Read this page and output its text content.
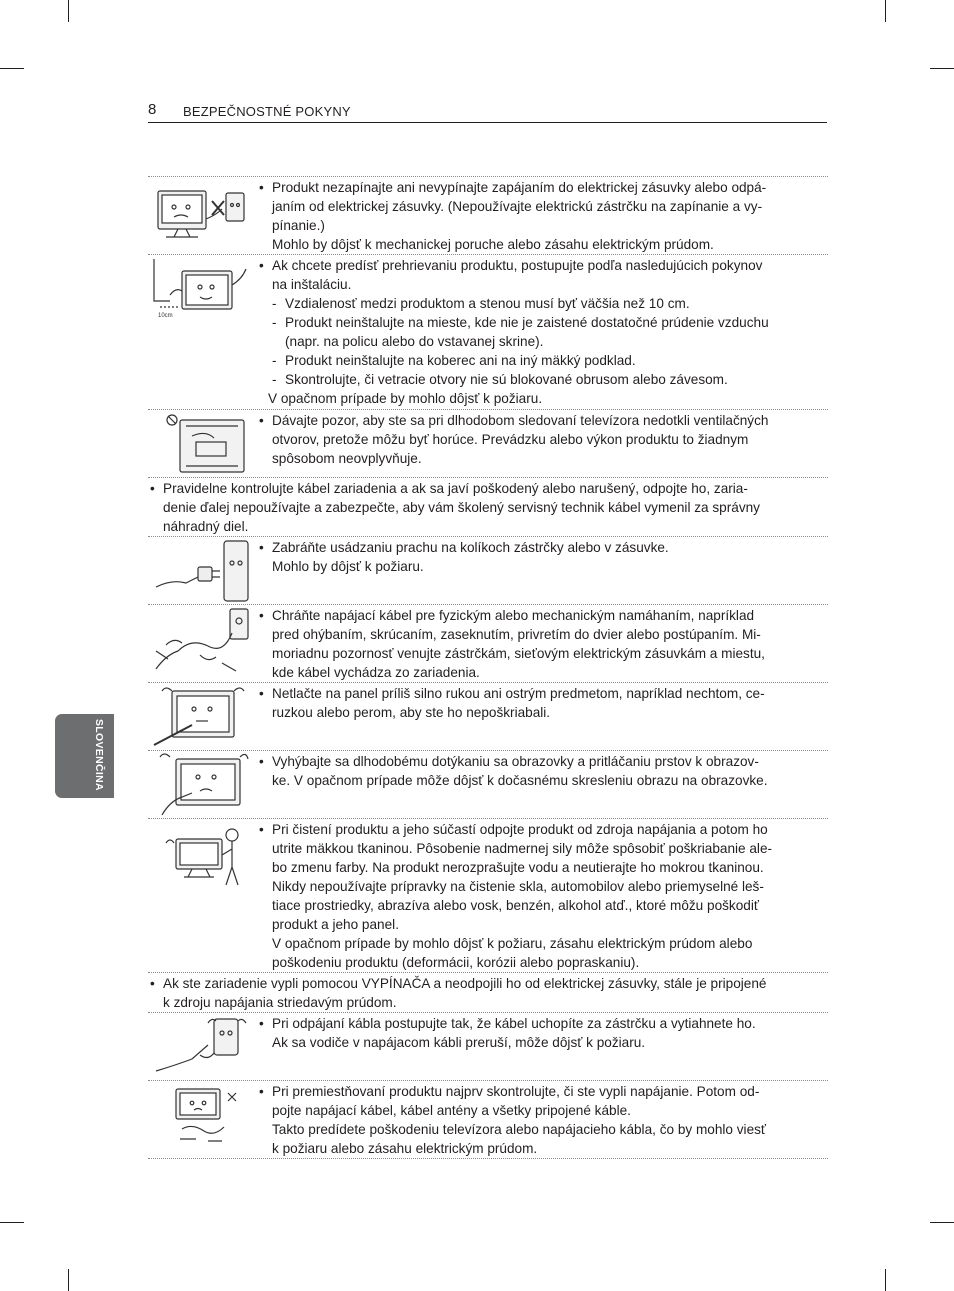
8 BEZPEČNOSTNÉ POKYNY
SLOVENČINA
• Produkt nezapínajte ani nevypínajte zapájaním do elektrickej zásuvky alebo odpá-
janím od elektrickej zásuvky. (Nepoužívajte elektrickú zástrčku na zapínanie a vy-
pínanie.)
Mohlo by dôjsť k mechanickej poruche alebo zásahu elektrickým prúdom.
10cm
• Ak chcete predísť prehrievaniu produktu, postupujte podľa nasledujúcich pokynov
na inštaláciu.
- Vzdialenosť medzi produktom a stenou musí byť väčšia než 10 cm.
- Produkt neinštalujte na mieste, kde nie je zaistené dostatočné prúdenie vzduchu
(napr. na policu alebo do vstavanej skrine).
- Produkt neinštalujte na koberec ani na iný mäkký podklad.
- Skontrolujte, či vetracie otvory nie sú blokované obrusom alebo závesom.
V opačnom prípade by mohlo dôjsť k požiaru.
• Dávajte pozor, aby ste sa pri dlhodobom sledovaní televízora nedotkli ventilačných
otvorov, pretože môžu byť horúce. Prevádzku alebo výkon produktu to žiadnym
spôsobom neovplyvňuje.
• Pravidelne kontrolujte kábel zariadenia a ak sa javí poškodený alebo narušený, odpojte ho, zaria-
denie ďalej nepoužívajte a zabezpečte, aby vám školený servisný technik kábel vymenil za správny
náhradný diel.
• Zabráňte usádzaniu prachu na kolíkoch zástrčky alebo v zásuvke.
Mohlo by dôjsť k požiaru.
• Chráňte napájací kábel pre fyzickým alebo mechanickým namáhaním, napríklad
pred ohýbaním, skrúcaním, zaseknutím, privretím do dvier alebo postúpaním. Mi-
moriadnu pozornosť venujte zástrčkám, sieťovým elektrickým zásuvkám a miestu,
kde kábel vychádza zo zariadenia.
• Netlačte na panel príliš silno rukou ani ostrým predmetom, napríklad nechtom, ce-
ruzkou alebo perom, aby ste ho nepoškriabali.
• Vyhýbajte sa dlhodobému dotýkaniu sa obrazovky a pritláčaniu prstov k obrazov-
ke. V opačnom prípade môže dôjsť k dočasnému skresleniu obrazu na obrazovke.
• Pri čistení produktu a jeho súčastí odpojte produkt od zdroja napájania a potom ho
utrite mäkkou tkaninou. Pôsobenie nadmernej sily môže spôsobiť poškriabanie ale-
bo zmenu farby. Na produkt nerozprašujte vodu a neutierajte ho mokrou tkaninou.
Nikdy nepoužívajte prípravky na čistenie skla, automobilov alebo priemyselné leš-
tiace prostriedky, abrazíva alebo vosk, benzén, alkohol atď., ktoré môžu poškodiť
produkt a jeho panel.
V opačnom prípade by mohlo dôjsť k požiaru, zásahu elektrickým prúdom alebo
poškodeniu produktu (deformácii, korózii alebo popraskaniu).
• Ak ste zariadenie vypli pomocou VYPÍNAČA a neodpojili ho od elektrickej zásuvky, stále je pripojené
k zdroju napájania striedavým prúdom.
• Pri odpájaní kábla postupujte tak, že kábel uchopíte za zástrčku a vytiahnete ho.
Ak sa vodiče v napájacom kábli preruší, môže dôjsť k požiaru.
• Pri premiestňovaní produktu najprv skontrolujte, či ste vypli napájanie. Potom od-
pojte napájací kábel, kábel antény a všetky pripojené káble.
Takto predídete poškodeniu televízora alebo napájacieho kábla, čo by mohlo viesť
k požiaru alebo zásahu elektrickým prúdom.
